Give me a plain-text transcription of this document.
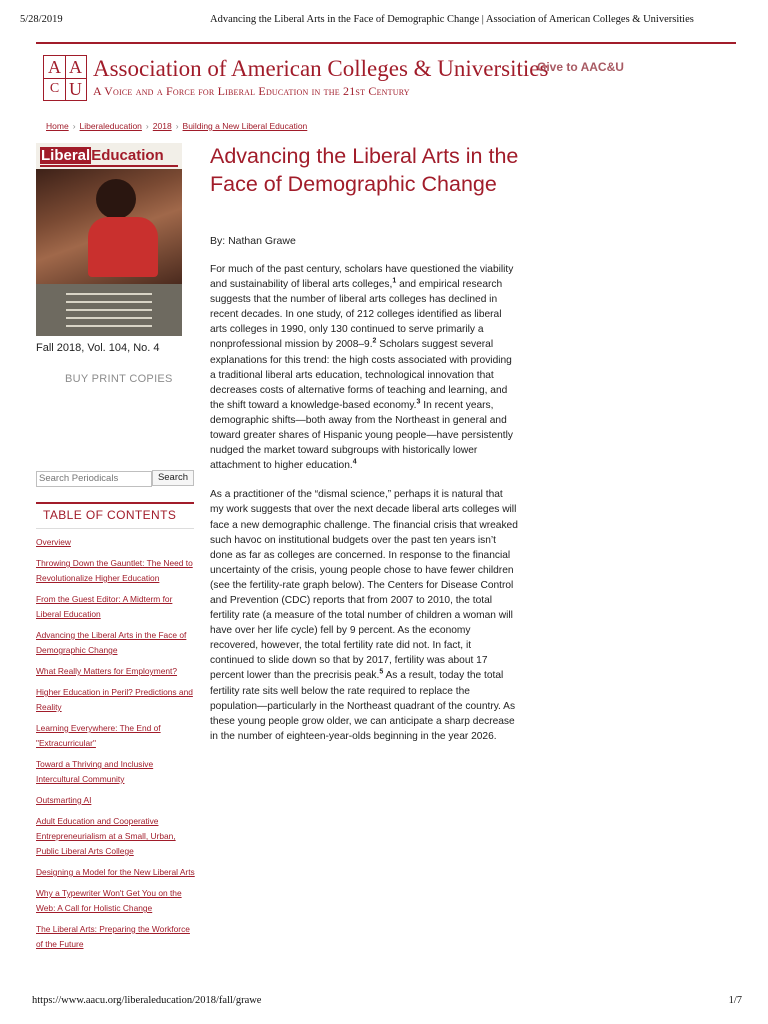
5/28/2019	Advancing the Liberal Arts in the Face of Demographic Change | Association of American Colleges & Universities
A A
C U
Association of American Colleges & Universities
A Voice and a Force for Liberal Education in the 21st Century
Give to AAC&U
Home › Liberaleducation › 2018 › Building a New Liberal Education
LiberalEducation
Fall 2018, Vol. 104, No. 4
BUY PRINT COPIES
Search Periodicals
Search
TABLE OF CONTENTS
Overview
Throwing Down the Gauntlet: The Need to Revolutionalize Higher Education
From the Guest Editor: A Midterm for Liberal Education
Advancing the Liberal Arts in the Face of Demographic Change
What Really Matters for Employment?
Higher Education in Peril? Predictions and Reality
Learning Everywhere: The End of "Extracurricular"
Toward a Thriving and Inclusive Intercultural Community
Outsmarting AI
Adult Education and Cooperative Entrepreneurialism at a Small, Urban, Public Liberal Arts College
Designing a Model for the New Liberal Arts
Why a Typewriter Won't Get You on the Web: A Call for Holistic Change
The Liberal Arts: Preparing the Workforce of the Future
Advancing the Liberal Arts in the Face of Demographic Change
By: Nathan Grawe

For much of the past century, scholars have questioned the viability and sustainability of liberal arts colleges,$^1$ and empirical research suggests that the number of liberal arts colleges has declined in recent decades. In one study, of 212 colleges identified as liberal arts colleges in 1990, only 130 continued to serve primarily a nonprofessional mission by 2008–9.$^2$ Scholars suggest several explanations for this trend: the high costs associated with providing a traditional liberal arts education, technological innovation that decreases costs of alternative forms of teaching and learning, and the shift toward a knowledge-based economy.$^3$ In recent years, demographic shifts—both away from the Northeast in general and toward greater shares of Hispanic young people—have persistently nudged the market toward subgroups with historically lower attachment to higher education.$^4$

As a practitioner of the “dismal science,” perhaps it is natural that my work suggests that over the next decade liberal arts colleges will face a new demographic challenge. The financial crisis that wreaked such havoc on institutional budgets over the past ten years isn’t done as far as colleges are concerned. In response to the financial uncertainty of the crisis, young people chose to have fewer children (see the fertility-rate graph below). The Centers for Disease Control and Prevention (CDC) reports that from 2007 to 2010, the total fertility rate (a measure of the total number of children a woman will have over her life cycle) fell by 9 percent. As the economy recovered, however, the total fertility rate did not. In fact, it continued to slide down so that by 2017, fertility was about 17 percent lower than the precrisis peak.$^5$ As a result, today the total fertility rate sits well below the rate required to replace the population—particularly in the Northeast quadrant of the country. As these young people grow older, we can anticipate a sharp decrease in the number of eighteen-year-olds beginning in the year 2026.

https://www.aacu.org/liberaleducation/2018/fall/grawe	1/7
